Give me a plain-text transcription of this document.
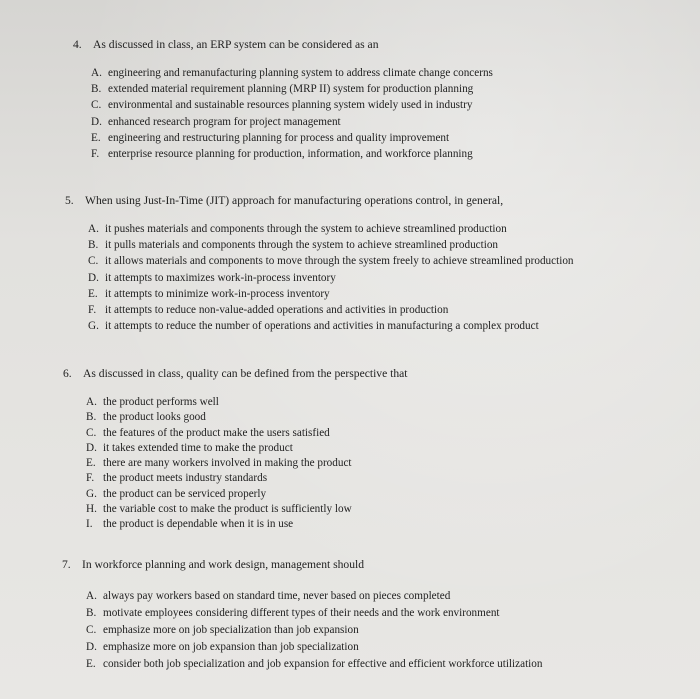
4. As discussed in class, an ERP system can be considered as an
A. engineering and remanufacturing planning system to address climate change concerns
B. extended material requirement planning (MRP II) system for production planning
C. environmental and sustainable resources planning system widely used in industry
D. enhanced research program for project management
E. engineering and restructuring planning for process and quality improvement
F. enterprise resource planning for production, information, and workforce planning
5. When using Just-In-Time (JIT) approach for manufacturing operations control, in general,
A. it pushes materials and components through the system to achieve streamlined production
B. it pulls materials and components through the system to achieve streamlined production
C. it allows materials and components to move through the system freely to achieve streamlined production
D. it attempts to maximizes work-in-process inventory
E. it attempts to minimize work-in-process inventory
F. it attempts to reduce non-value-added operations and activities in production
G. it attempts to reduce the number of operations and activities in manufacturing a complex product
6. As discussed in class, quality can be defined from the perspective that
A. the product performs well
B. the product looks good
C. the features of the product make the users satisfied
D. it takes extended time to make the product
E. there are many workers involved in making the product
F. the product meets industry standards
G. the product can be serviced properly
H. the variable cost to make the product is sufficiently low
I. the product is dependable when it is in use
7. In workforce planning and work design, management should
A. always pay workers based on standard time, never based on pieces completed
B. motivate employees considering different types of their needs and the work environment
C. emphasize more on job specialization than job expansion
D. emphasize more on job expansion than job specialization
E. consider both job specialization and job expansion for effective and efficient workforce utilization
